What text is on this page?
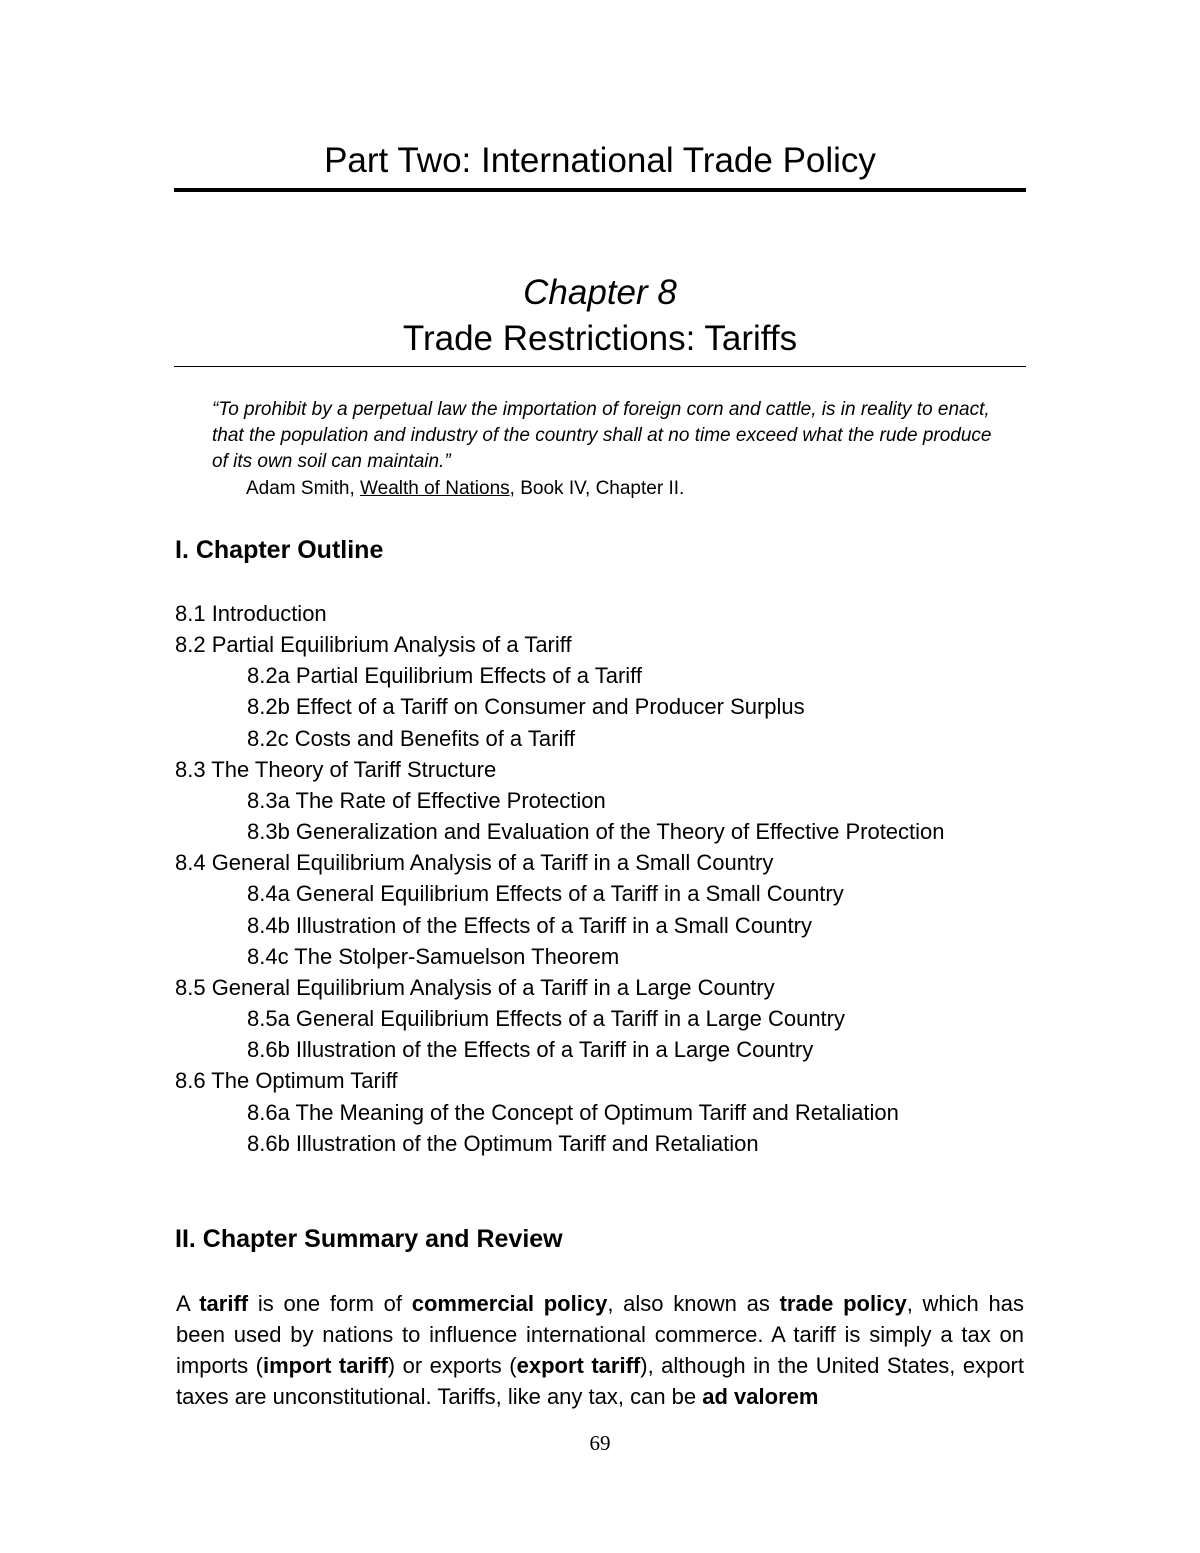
Part Two: International Trade Policy
Chapter 8
Trade Restrictions: Tariffs
“To prohibit by a perpetual law the importation of foreign corn and cattle, is in reality to enact, that the population and industry of the country shall at no time exceed what the rude produce of its own soil can maintain.”
Adam Smith, Wealth of Nations, Book IV, Chapter II.
I. Chapter Outline
8.1 Introduction
8.2 Partial Equilibrium Analysis of a Tariff
8.2a Partial Equilibrium Effects of a Tariff
8.2b Effect of a Tariff on Consumer and Producer Surplus
8.2c Costs and Benefits of a Tariff
8.3 The Theory of Tariff Structure
8.3a The Rate of Effective Protection
8.3b Generalization and Evaluation of the Theory of Effective Protection
8.4 General Equilibrium Analysis of a Tariff in a Small Country
8.4a General Equilibrium Effects of a Tariff in a Small Country
8.4b Illustration of the Effects of a Tariff in a Small Country
8.4c The Stolper-Samuelson Theorem
8.5 General Equilibrium Analysis of a Tariff in a Large Country
8.5a General Equilibrium Effects of a Tariff in a Large Country
8.6b Illustration of the Effects of a Tariff in a Large Country
8.6 The Optimum Tariff
8.6a The Meaning of the Concept of Optimum Tariff and Retaliation
8.6b Illustration of the Optimum Tariff and Retaliation
II. Chapter Summary and Review

A tariff is one form of commercial policy, also known as trade policy, which has been used by nations to influence international commerce. A tariff is simply a tax on imports (import tariff) or exports (export tariff), although in the United States, export taxes are unconstitutional. Tariffs, like any tax, can be ad valorem

69
